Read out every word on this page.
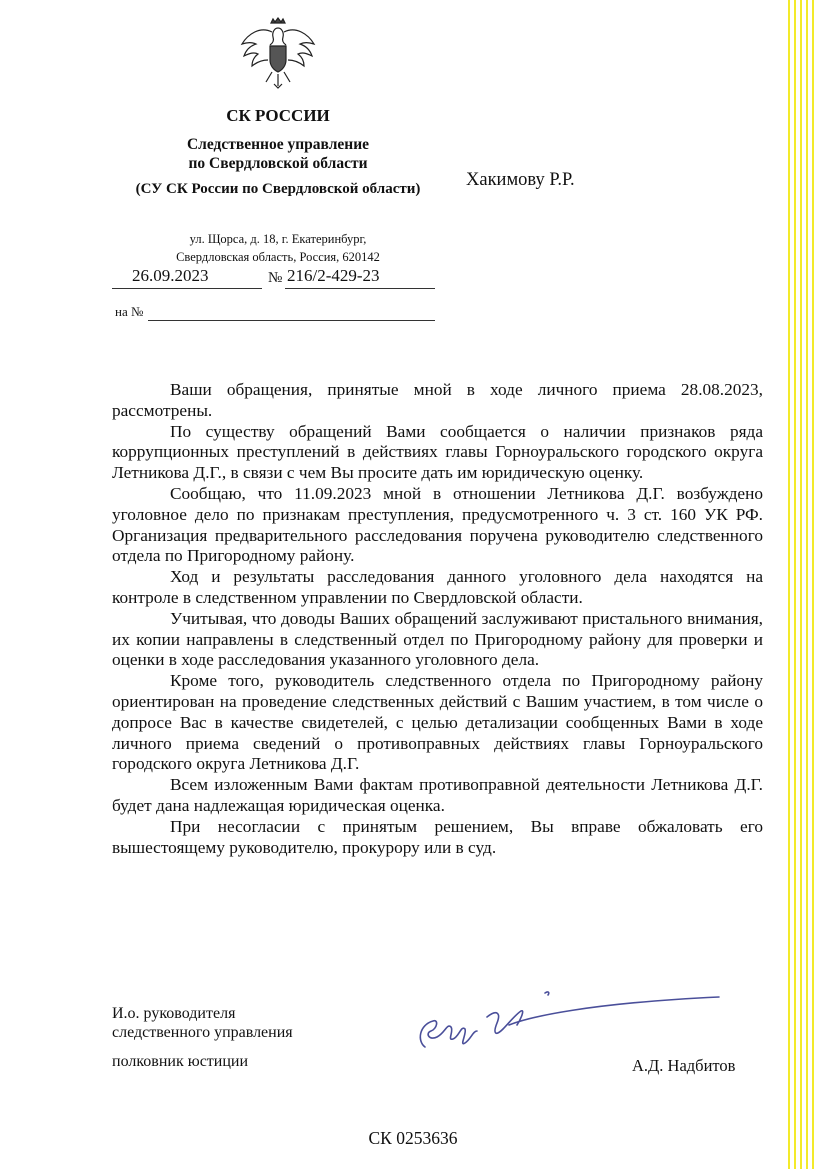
СК РОССИИ
Следственное управление
по Свердловской области
(СУ СК России по Свердловской области)
ул. Щорса, д. 18, г. Екатеринбург,
Свердловская область, Россия, 620142
26.09.2023	№ 216/2-429-23
на №
Хакимову Р.Р.

Ваши обращения, принятые мной в ходе личного приема 28.08.2023, рассмотрены.

По существу обращений Вами сообщается о наличии признаков ряда коррупционных преступлений в действиях главы Горноуральского городского округа Летникова Д.Г., в связи с чем Вы просите дать им юридическую оценку.

Сообщаю, что 11.09.2023 мной в отношении Летникова Д.Г. возбуждено уголовное дело по признакам преступления, предусмотренного ч. 3 ст. 160 УК РФ. Организация предварительного расследования поручена руководителю следственного отдела по Пригородному району.

Ход и результаты расследования данного уголовного дела находятся на контроле в следственном управлении по Свердловской области.

Учитывая, что доводы Ваших обращений заслуживают пристального внимания, их копии направлены в следственный отдел по Пригородному району для проверки и оценки в ходе расследования указанного уголовного дела.

Кроме того, руководитель следственного отдела по Пригородному району ориентирован на проведение следственных действий с Вашим участием, в том числе о допросе Вас в качестве свидетелей, с целью детализации сообщенных Вами в ходе личного приема сведений о противоправных действиях главы Горноуральского городского округа Летникова Д.Г.

Всем изложенным Вами фактам противоправной деятельности Летникова Д.Г. будет дана надлежащая юридическая оценка.

При несогласии с принятым решением, Вы вправе обжаловать его вышестоящему руководителю, прокурору или в суд.

И.о. руководителя
следственного управления
полковник юстиции	А.Д. Надбитов
СК 0253636
